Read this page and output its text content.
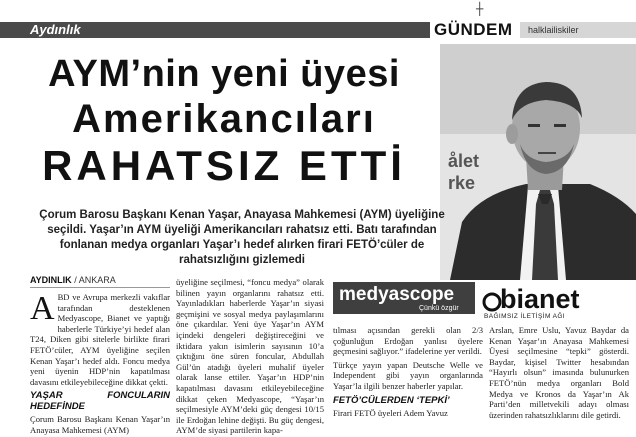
Aydınlık
┼
GÜNDEM halklailiskiler
AYM’nin yeni üyesi
Amerikancıları
RAHATSIZ ETTİ	ålet
rke
Çorum Barosu Başkanı Kenan Yaşar, Anayasa Mahkemesi (AYM) üyeliğine seçildi. Yaşar’ın AYM üyeliği Amerikancıları rahatsız etti. Batı tarafından fonlanan medya organları Yaşar’ı hedef alırken firari FETÖ’cüler de rahatsızlığını gizlemedi
AYDINLIK / ANKARA

ABD ve Avrupa merkezli vakıflar tarafından desteklenen Medyascope, Bianet ve yaptığı haberlerle Türkiye’yi hedef alan T24, Diken gibi sitelerle birlikte firari FETÖ’cüler, AYM üyeliğine seçilen Kenan Yaşar’ı hedef aldı. Foncu medya yeni üyenin HDP’nin kapatılması davasını etkileyebileceğine dikkat çekti.

YAŞAR FONCULARIN HEDEFİNDE

Çorum Barosu Başkanı Kenan Yaşar’ın Anayasa Mahkemesi (AYM)

üyeliğine seçilmesi, “foncu medya” olarak bilinen yayın organlarını rahatsız etti. Yayınladıkları haberlerde Yaşar’ın siyasi geçmişini ve sosyal medya paylaşımlarını öne çıkardılar. Yeni üye Yaşar’ın AYM içindeki dengeleri değiştireceğini ve iktidara yakın isimlerin sayısının 10’a çıktığını öne süren foncular, Abdullah Gül’ün atadığı üyeleri muhalif üyeler olarak lanse ettiler. Yaşar’ın HDP’nin kapatılması davasını etkileyebileceğine dikkat çeken Medyascope, “Yaşar’ın seçilmesiyle AYM’deki güç dengesi 10/15 ile Erdoğan lehine değişti. Bu güç dengesi, AYM’de siyasi partilerin kapa-

medyascope
Çünkü özgür bianet
BAĞIMSIZ İLETİŞİM AĞI

tılması açısından gerekli olan 2/3 çoğunluğun Erdoğan yanlısı üyelere geçmesini sağlıyor.” ifadelerine yer verildi.

Türkçe yayın yapan Deutsche Welle ve Independent gibi yayın organlarında Yaşar’la ilgili benzer haberler yapılar.

FETÖ’CÜLERDEN ‘TEPKİ’

Firari FETÖ üyeleri Adem Yavuz

Arslan, Emre Uslu, Yavuz Baydar da Kenan Yaşar’ın Anayasa Mahkemesi Üyesi seçilmesine “tepki” gösterdi. Baydar, kişisel Twitter hesabından “Hayırlı olsun” imasında bulunurken FETÖ’nün medya organları Bold Medya ve Kronos da Yaşar’ın Ak Parti’den milletvekili adayı olması üzerinden rahatsızlıklarını dile getirdi.
